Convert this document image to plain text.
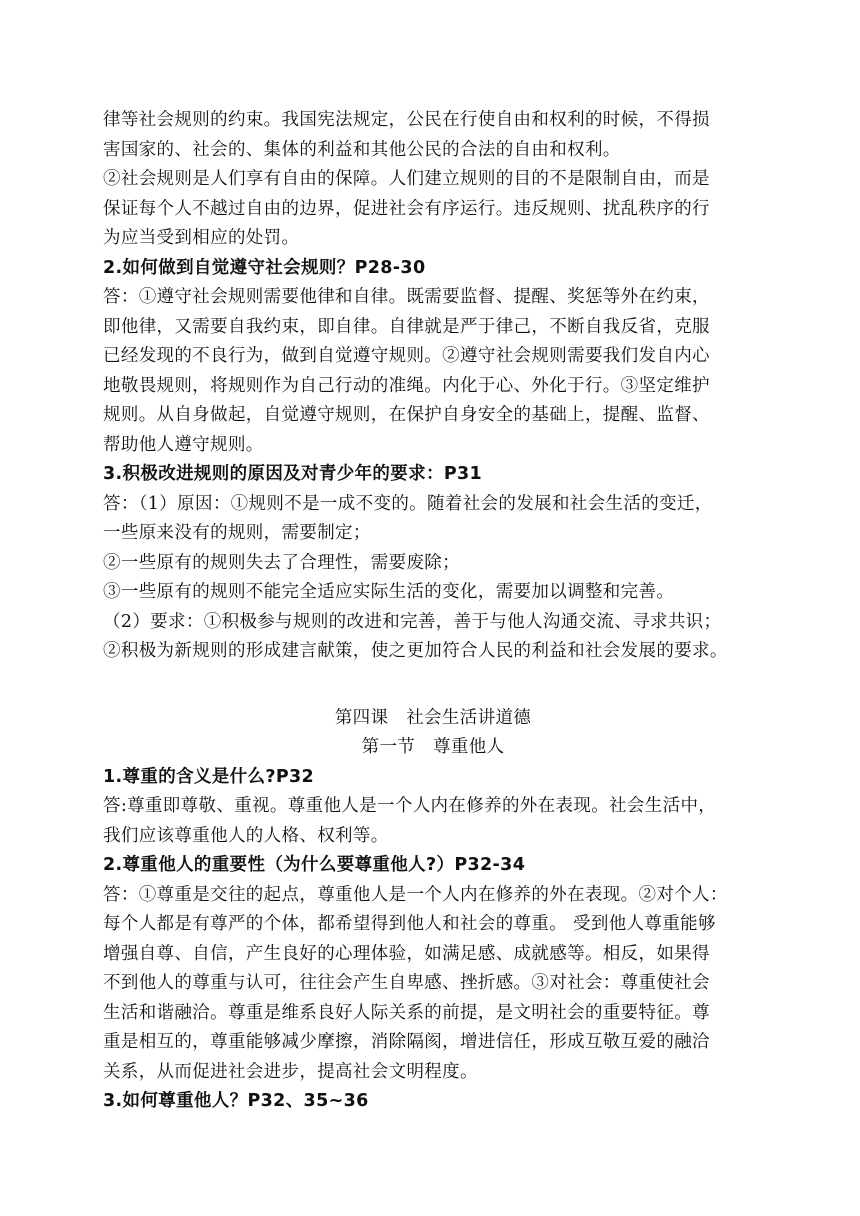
律等社会规则的约束。我国宪法规定，公民在行使自由和权利的时候，不得损
害国家的、社会的、集体的利益和其他公民的合法的自由和权利。
②社会规则是人们享有自由的保障。人们建立规则的目的不是限制自由，而是
保证每个人不越过自由的边界，促进社会有序运行。违反规则、扰乱秩序的行
为应当受到相应的处罚。
2.如何做到自觉遵守社会规则？P28-30
答：①遵守社会规则需要他律和自律。既需要监督、提醒、奖惩等外在约束，
即他律，又需要自我约束，即自律。自律就是严于律己，不断自我反省，克服
已经发现的不良行为，做到自觉遵守规则。②遵守社会规则需要我们发自内心
地敬畏规则，将规则作为自己行动的准绳。内化于心、外化于行。③坚定维护
规则。从自身做起，自觉遵守规则，在保护自身安全的基础上，提醒、监督、
帮助他人遵守规则。
3.积极改进规则的原因及对青少年的要求：P31
答：（1）原因：①规则不是一成不变的。随着社会的发展和社会生活的变迁，
一些原来没有的规则，需要制定；
②一些原有的规则失去了合理性，需要废除；
③一些原有的规则不能完全适应实际生活的变化，需要加以调整和完善。
（2）要求：①积极参与规则的改进和完善，善于与他人沟通交流、寻求共识；
②积极为新规则的形成建言献策，使之更加符合人民的利益和社会发展的要求。
第四课　社会生活讲道德
第一节　尊重他人
1.尊重的含义是什么?P32
答:尊重即尊敬、重视。尊重他人是一个人内在修养的外在表现。社会生活中，
我们应该尊重他人的人格、权利等。
2.尊重他人的重要性（为什么要尊重他人?）P32-34
答：①尊重是交往的起点，尊重他人是一个人内在修养的外在表现。②对个人：
每个人都是有尊严的个体，都希望得到他人和社会的尊重。 受到他人尊重能够
增强自尊、自信，产生良好的心理体验，如满足感、成就感等。相反，如果得
不到他人的尊重与认可，往往会产生自卑感、挫折感。③对社会：尊重使社会
生活和谐融洽。尊重是维系良好人际关系的前提，是文明社会的重要特征。尊
重是相互的，尊重能够减少摩擦，消除隔阂，增进信任，形成互敬互爱的融洽
关系，从而促进社会进步，提高社会文明程度。
3.如何尊重他人？P32、35~36
